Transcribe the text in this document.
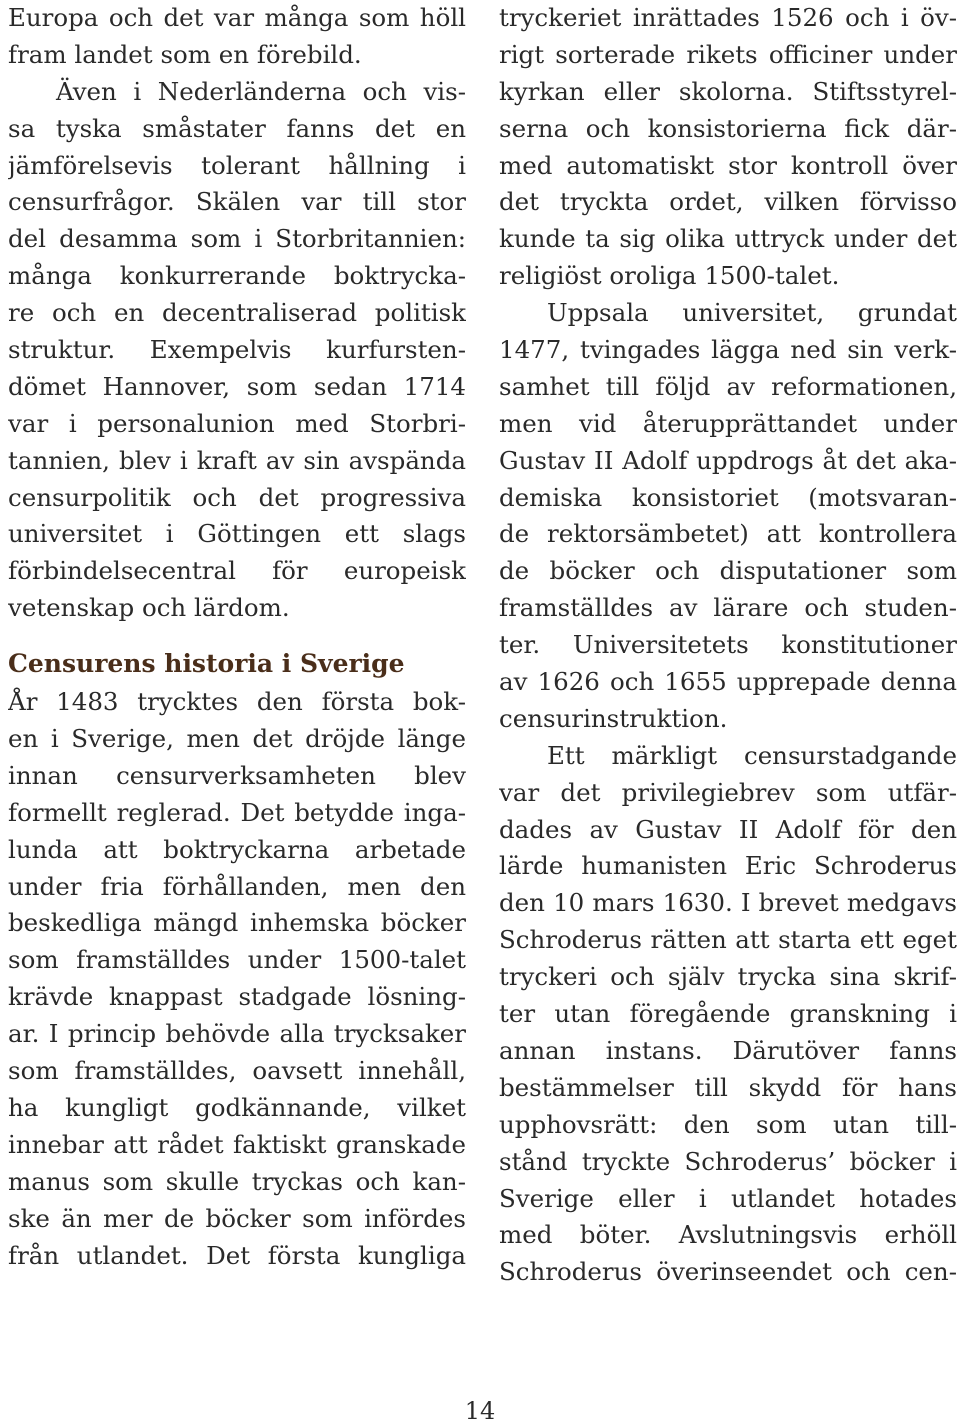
Europa och det var många som höll
fram landet som en förebild.
Även i Nederländerna och vis-
sa tyska småstater fanns det en
jämförelsevis tolerant hållning i
censurfrågor. Skälen var till stor
del desamma som i Storbritannien:
många konkurrerande boktrycka-
re och en decentraliserad politisk
struktur. Exempelvis kurfursten-
dömet Hannover, som sedan 1714
var i personalunion med Storbri-
tannien, blev i kraft av sin avspända
censurpolitik och det progressiva
universitet i Göttingen ett slags
förbindelsecentral för europeisk
vetenskap och lärdom.
Censurens historia i Sverige
År 1483 trycktes den första bok-
en i Sverige, men det dröjde länge
innan censurverksamheten blev
formellt reglerad. Det betydde inga-
lunda att boktryckarna arbetade
under fria förhållanden, men den
beskedliga mängd inhemska böcker
som framställdes under 1500-talet
krävde knappast stadgade lösning-
ar. I princip behövde alla trycksaker
som framställdes, oavsett innehåll,
ha kungligt godkännande, vilket
innebar att rådet faktiskt granskade
manus som skulle tryckas och kan-
ske än mer de böcker som infördes
från utlandet. Det första kungliga
tryckeriet inrättades 1526 och i öv-
rigt sorterade rikets officiner under
kyrkan eller skolorna. Stiftsstyrel-
serna och konsistorierna fick där-
med automatiskt stor kontroll över
det tryckta ordet, vilken förvisso
kunde ta sig olika uttryck under det
religiöst oroliga 1500-talet.
Uppsala universitet, grundat
1477, tvingades lägga ned sin verk-
samhet till följd av reformationen,
men vid återupprättandet under
Gustav II Adolf uppdrogs åt det aka-
demiska konsistoriet (motsvaran-
de rektorsämbetet) att kontrollera
de böcker och disputationer som
framställdes av lärare och studen-
ter. Universitetets konstitutioner
av 1626 och 1655 upprepade denna
censurinstruktion.
Ett märkligt censurstadgande
var det privilegiebrev som utfär-
dades av Gustav II Adolf för den
lärde humanisten Eric Schroderus
den 10 mars 1630. I brevet medgavs
Schroderus rätten att starta ett eget
tryckeri och själv trycka sina skrif-
ter utan föregående granskning i
annan instans. Därutöver fanns
bestämmelser till skydd för hans
upphovsrätt: den som utan till-
stånd tryckte Schroderus’ böcker i
Sverige eller i utlandet hotades
med böter. Avslutningsvis erhöll
Schroderus överinseendet och cen-
14
